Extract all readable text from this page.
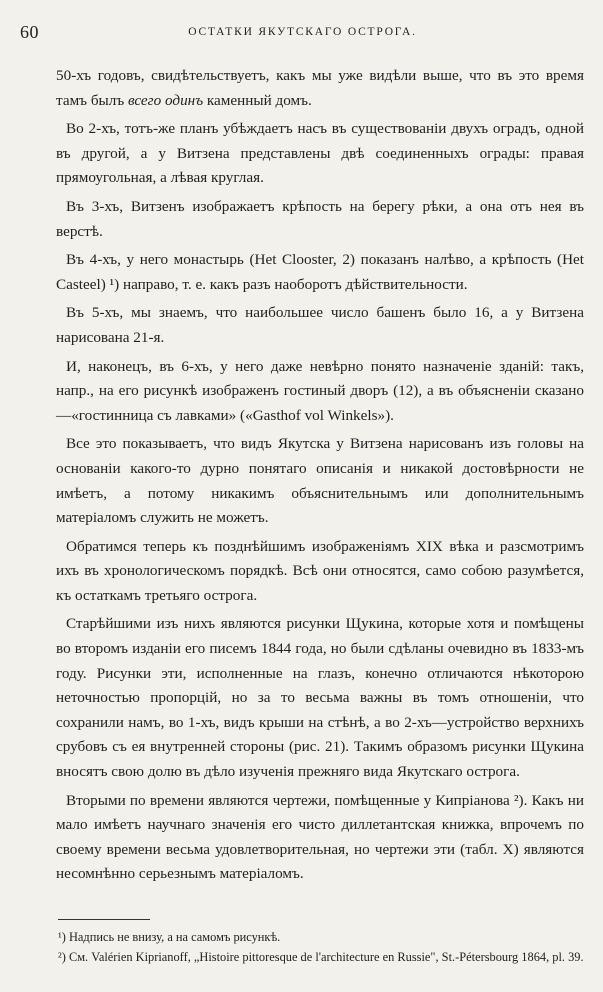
60	ОСТАТКИ ЯКУТСКАГО ОСТРОГА.

50-хъ годовъ, свидѣтельствуетъ, какъ мы уже видѣли выше, что въ это время тамъ былъ всего одинъ каменный домъ.

Во 2-хъ, тотъ-же планъ убѣждаетъ насъ въ существованіи двухъ оградъ, одной въ другой, а у Витзена представлены двѣ соединенныхъ ограды: правая прямоугольная, а лѣвая круглая.

Въ 3-хъ, Витзенъ изображаетъ крѣпость на берегу рѣки, а она отъ нея въ верстѣ.

Въ 4-хъ, у него монастырь (Het Clooster, 2) показанъ налѣво, а крѣпость (Het Casteel) ¹) направо, т. е. какъ разъ наоборотъ дѣйствительности.

Въ 5-хъ, мы знаемъ, что наибольшее число башенъ было 16, а у Витзена нарисована 21-я.

И, наконецъ, въ 6-хъ, у него даже невѣрно понято назначеніе зданій: такъ, напр., на его рисункѣ изображенъ гостиный дворъ (12), а въ объясненіи сказано—«гостинница съ лавками» («Gasthof vol Winkels»).

Все это показываетъ, что видъ Якутска у Витзена нарисованъ изъ головы на основаніи какого-то дурно понятаго описанія и никакой достовѣрности не имѣетъ, а потому никакимъ объяснительнымъ или дополнительнымъ матеріаломъ служить не можетъ.

Обратимся теперь къ позднѣйшимъ изображеніямъ XIX вѣка и разсмотримъ ихъ въ хронологическомъ порядкѣ. Всѣ они относятся, само собою разумѣется, къ остаткамъ третьяго острога.

Старѣйшими изъ нихъ являются рисунки Щукина, которые хотя и помѣщены во второмъ изданіи его писемъ 1844 года, но были сдѣланы очевидно въ 1833-мъ году. Рисунки эти, исполненные на глазъ, конечно отличаются нѣкоторою неточностью пропорцій, но за то весьма важны въ томъ отношеніи, что сохранили намъ, во 1-хъ, видъ крыши на стѣнѣ, а во 2-хъ—устройство верхнихъ срубовъ съ ея внутренней стороны (рис. 21). Такимъ образомъ рисунки Щукина вносятъ свою долю въ дѣло изученія прежняго вида Якутскаго острога.

Вторыми по времени являются чертежи, помѣщенные у Кипріанова ²). Какъ ни мало имѣетъ научнаго значенія его чисто диллетантская книжка, впрочемъ по своему времени весьма удовлетворительная, но чертежи эти (табл. X) являются несомнѣнно серьезнымъ матеріаломъ.

¹) Надпись не внизу, а на самомъ рисункѣ.

²) См. Valérien Kiprianoff, „Histoire pittoresque de l'architecture en Russie", St.-Pétersbourg 1864, pl. 39.
